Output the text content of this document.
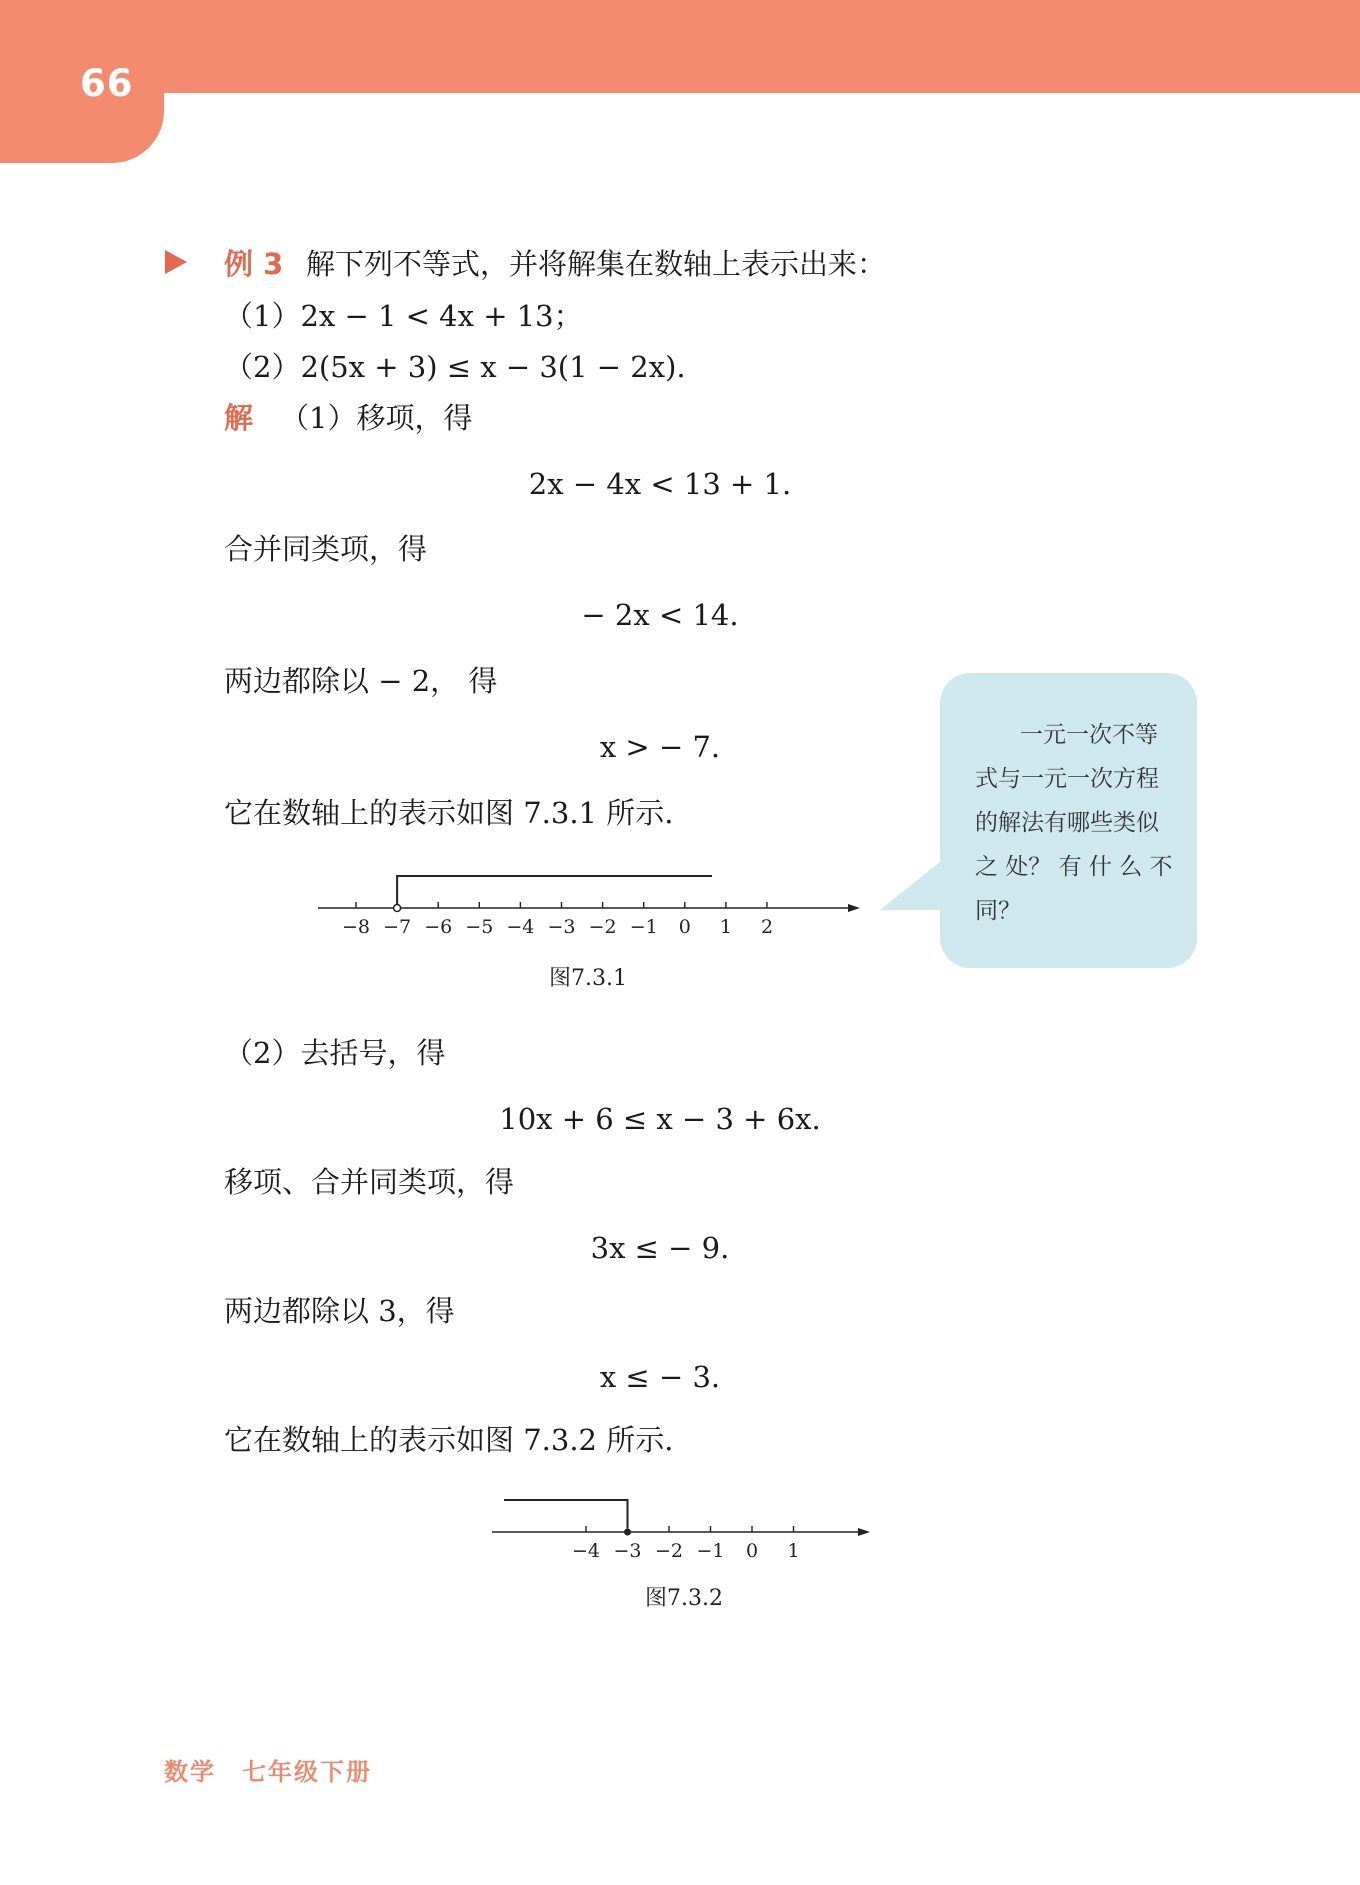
66
例 3 解下列不等式，并将解集在数轴上表示出来：
（1）2x − 1 < 4x + 13；
（2）2(5x + 3) ≤ x − 3(1 − 2x).
解 （1）移项，得
2x − 4x < 13 + 1.
合并同类项，得
− 2x < 14.
两边都除以 − 2， 得
x > − 7.
它在数轴上的表示如图 7.3.1 所示.
−8 −7 −6 −5 −4 −3 −2 −1 0 1 2
图7.3.1
一元一次不等
式与一元一次方程
的解法有哪些类似
之 处？ 有 什 么 不
同？
（2）去括号，得
10x + 6 ≤ x − 3 + 6x.
移项、合并同类项，得
3x ≤ − 9.
两边都除以 3，得
x ≤ − 3.
它在数轴上的表示如图 7.3.2 所示.
−4 −3 −2 −1 0 1
图7.3.2
数学　七年级下册
